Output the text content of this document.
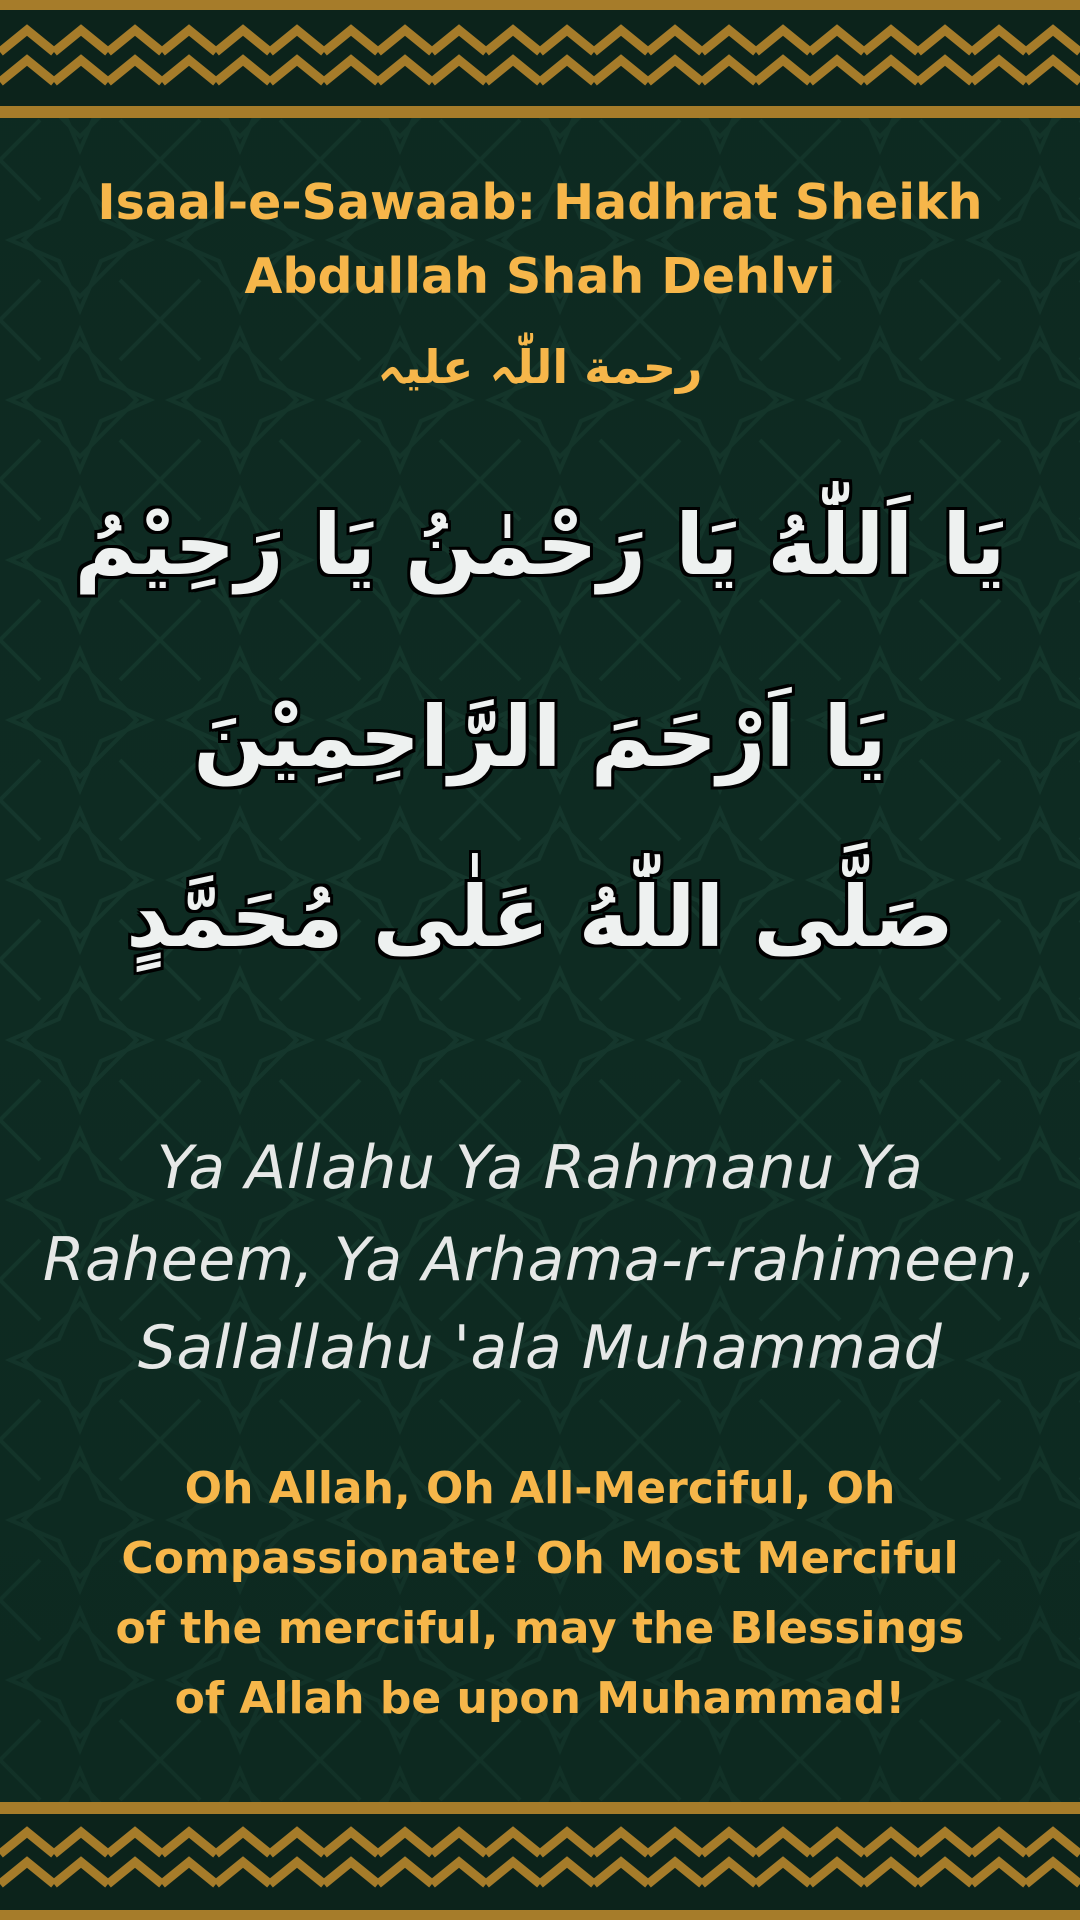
Isaal-e-Sawaab: Hadhrat Sheikh
Abdullah Shah Dehlvi
رحمة اللّٰہ علیہ
يَا اَللّٰهُ يَا رَحْمٰنُ يَا رَحِيْمُ
يَا اَرْحَمَ الرَّاحِمِيْنَ
صَلَّى اللّٰهُ عَلٰى مُحَمَّدٍ
Ya Allahu Ya Rahmanu Ya
Raheem, Ya Arhama-r-rahimeen,
Sallallahu 'ala Muhammad
Oh Allah, Oh All-Merciful, Oh
Compassionate! Oh Most Merciful
of the merciful, may the Blessings
of Allah be upon Muhammad!
